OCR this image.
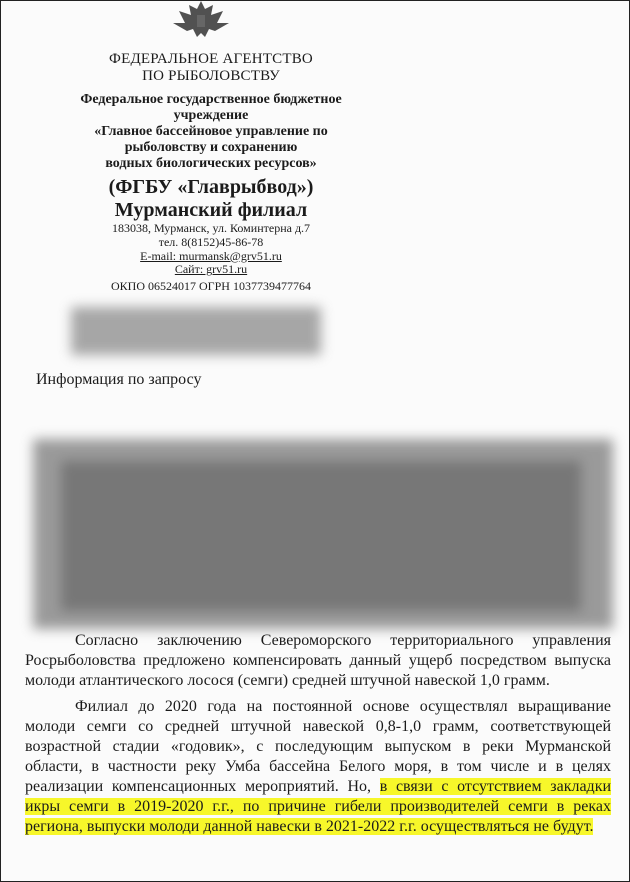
ФЕДЕРАЛЬНОЕ АГЕНТСТВО
ПО РЫБОЛОВСТВУ
Федеральное государственное бюджетное
учреждение
«Главное бассейновое управление по
рыболовству и сохранению
водных биологических ресурсов»
(ФГБУ «Главрыбвод»)
Мурманский филиал
183038, Мурманск, ул. Коминтерна д.7
тел. 8(8152)45-86-78
E-mail: murmansk@grv51.ru
Сайт: grv51.ru
ОКПО 06524017 ОГРН 1037739477764
Информация по запросу

Согласно заключению Североморского территориального управления Росрыболовства предложено компенсировать данный ущерб посредством выпуска молоди атлантического лосося (семги) средней штучной навеской 1,0 грамм.

Филиал до 2020 года на постоянной основе осуществлял выращивание молоди семги со средней штучной навеской 0,8-1,0 грамм, соответствующей возрастной стадии «годовик», с последующим выпуском в реки Мурманской области, в частности реку Умба бассейна Белого моря, в том числе и в целях реализации компенсационных мероприятий. Но, в связи с отсутствием закладки икры семги в 2019-2020 г.г., по причине гибели производителей семги в реках региона, выпуски молоди данной навески в 2021-2022 г.г. осуществляться не будут.
